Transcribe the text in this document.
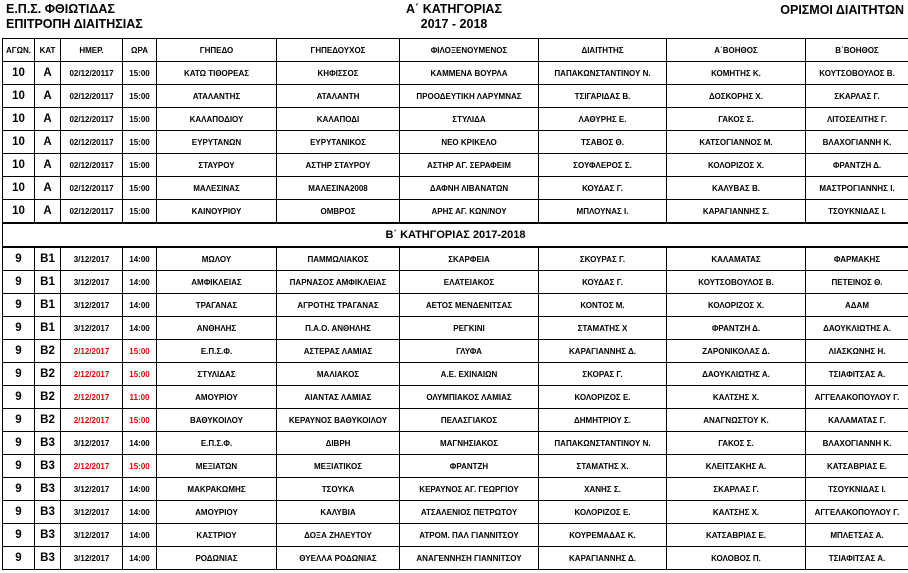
Ε.Π.Σ. ΦΘΙΩΤΙΔΑΣ
ΕΠΙΤΡΟΠΗ ΔΙΑΙΤΗΣΙΑΣ
Α΄ ΚΑΤΗΓΟΡΙΑΣ
2017 - 2018
ΟΡΙΣΜΟΙ ΔΙΑΙΤΗΤΩΝ
ΑΓΩΝ.	ΚΑΤ	ΗΜΕΡ.	ΩΡΑ	ΓΗΠΕΔΟ	ΓΗΠΕΔΟΥΧΟΣ	ΦΙΛΟΞΕΝΟΥΜΕΝΟΣ	ΔΙΑΙΤΗΤΗΣ	Α΄ΒΟΗΘΟΣ	Β΄ΒΟΗΘΟΣ
10	Α	02/12/20117	15:00	ΚΑΤΩ ΤΙΘΟΡΕΑΣ	ΚΗΦΙΣΣΟΣ	ΚΑΜΜΕΝΑ ΒΟΥΡΛΑ	ΠΑΠΑΚΩΝΣΤΑΝΤΙΝΟΥ Ν.	ΚΟΜΗΤΗΣ Κ.	ΚΟΥΤΣΟΒΟΥΛΟΣ Β.
10	Α	02/12/20117	15:00	ΑΤΑΛΑΝΤΗΣ	ΑΤΑΛΑΝΤΗ	ΠΡΟΟΔΕΥΤΙΚΗ ΛΑΡΥΜΝΑΣ	ΤΣΙΓΑΡΙΔΑΣ Β.	ΔΟΣΚΟΡΗΣ Χ.	ΣΚΑΡΛΑΣ Γ.
10	Α	02/12/20117	15:00	ΚΑΛΑΠΟΔΙΟΥ	ΚΑΛΑΠΟΔΙ	ΣΤΥΛΙΔΑ	ΛΑΘΥΡΗΣ Ε.	ΓΑΚΟΣ Σ.	ΛΙΤΟΣΕΛΙΤΗΣ Γ.
10	Α	02/12/20117	15:00	ΕΥΡΥΤΑΝΩΝ	ΕΥΡΥΤΑΝΙΚΟΣ	ΝΕΟ ΚΡΙΚΕΛΟ	ΤΣΑΒΟΣ Θ.	ΚΑΤΣΟΓΙΑΝΝΟΣ Μ.	ΒΛΑΧΟΓΙΑΝΝΗ Κ.
10	Α	02/12/20117	15:00	ΣΤΑΥΡΟΥ	ΑΣΤΗΡ ΣΤΑΥΡΟΥ	ΑΣΤΗΡ ΑΓ. ΣΕΡΑΦΕΙΜ	ΣΟΥΦΛΕΡΟΣ Σ.	ΚΟΛΟΡΙΖΟΣ Χ.	ΦΡΑΝΤΖΗ Δ.
10	Α	02/12/20117	15:00	ΜΑΛΕΣΙΝΑΣ	ΜΑΛΕΣΙΝΑ2008	ΔΑΦΝΗ ΛΙΒΑΝΑΤΩΝ	ΚΟΥΔΑΣ Γ.	ΚΑΛΥΒΑΣ Β.	ΜΑΣΤΡΟΓΙΑΝΝΗΣ Ι.
10	Α	02/12/20117	15:00	ΚΑΙΝΟΥΡΙΟΥ	ΟΜΒΡΟΣ	ΑΡΗΣ ΑΓ. ΚΩΝ/ΝΟΥ	ΜΠΛΟΥΝΑΣ Ι.	ΚΑΡΑΓΙΑΝΝΗΣ Σ.	ΤΣΟΥΚΝΙΔΑΣ Ι.
Β΄ ΚΑΤΗΓΟΡΙΑΣ 2017-2018									
9	Β1	3/12/2017	14:00	ΜΩΛΟΥ	ΠΑΜΜΩΛΙΑΚΟΣ	ΣΚΑΡΦΕΙΑ	ΣΚΟΥΡΑΣ Γ.	ΚΑΛΑΜΑΤΑΣ	ΦΑΡΜΑΚΗΣ
9	Β1	3/12/2017	14:00	ΑΜΦΙΚΛΕΙΑΣ	ΠΑΡΝΑΣΟΣ ΑΜΦΙΚΛΕΙΑΣ	ΕΛΑΤΕΙΑΚΟΣ	ΚΟΥΔΑΣ Γ.	ΚΟΥΤΣΟΒΟΥΛΟΣ Β.	ΠΕΤΕΙΝΟΣ Θ.
9	Β1	3/12/2017	14:00	ΤΡΑΓΑΝΑΣ	ΑΓΡΟΤΗΣ ΤΡΑΓΑΝΑΣ	ΑΕΤΟΣ ΜΕΝΔΕΝΙΤΣΑΣ	ΚΟΝΤΟΣ Μ.	ΚΟΛΟΡΙΖΟΣ Χ.	ΑΔΑΜ
9	Β1	3/12/2017	14:00	ΑΝΘΗΛΗΣ	Π.Α.Ο. ΑΝΘΗΛΗΣ	ΡΕΓΚΙΝΙ	ΣΤΑΜΑΤΗΣ Χ	ΦΡΑΝΤΖΗ Δ.	ΔΑΟΥΚΛΙΩΤΗΣ Α.
9	Β2	2/12/2017	15:00	Ε.Π.Σ.Φ.	ΑΣΤΕΡΑΣ ΛΑΜΙΑΣ	ΓΛΥΦΑ	ΚΑΡΑΓΙΑΝΝΗΣ Δ.	ΖΑΡΟΝΙΚΟΛΑΣ Δ.	ΛΙΑΣΚΩΝΗΣ Η.
9	Β2	2/12/2017	15:00	ΣΤΥΛΙΔΑΣ	ΜΑΛΙΑΚΟΣ	Α.Ε. ΕΧΙΝΑΙΩΝ	ΣΚΟΡΑΣ Γ.	ΔΑΟΥΚΛΙΩΤΗΣ Α.	ΤΣΙΑΦΙΤΣΑΣ Α.
9	Β2	2/12/2017	11:00	ΑΜΟΥΡΙΟΥ	ΑΙΑΝΤΑΣ ΛΑΜΙΑΣ	ΟΛΥΜΠΙΑΚΟΣ ΛΑΜΙΑΣ	ΚΟΛΟΡΙΖΟΣ Ε.	ΚΑΛΤΣΗΣ Χ.	ΑΓΓΕΛΑΚΟΠΟΥΛΟΥ Γ.
9	Β2	2/12/2017	15:00	ΒΑΘΥΚΟΙΛΟΥ	ΚΕΡΑΥΝΟΣ ΒΑΘΥΚΟΙΛΟΥ	ΠΕΛΑΣΓΙΑΚΟΣ	ΔΗΜΗΤΡΙΟΥ Σ.	ΑΝΑΓΝΩΣΤΟΥ Κ.	ΚΑΛΑΜΑΤΑΣ Γ.
9	Β3	3/12/2017	14:00	Ε.Π.Σ.Φ.	ΔΙΒΡΗ	ΜΑΓΝΗΣΙΑΚΟΣ	ΠΑΠΑΚΩΝΣΤΑΝΤΙΝΟΥ Ν.	ΓΑΚΟΣ Σ.	ΒΛΑΧΟΓΙΑΝΝΗ Κ.
9	Β3	2/12/2017	15:00	ΜΕΞΙΑΤΩΝ	ΜΕΞΙΑΤΙΚΟΣ	ΦΡΑΝΤΖΗ	ΣΤΑΜΑΤΗΣ Χ.	ΚΛΕΙΤΣΑΚΗΣ Α.	ΚΑΤΣΑΒΡΙΑΣ Ε.
9	Β3	3/12/2017	14:00	ΜΑΚΡΑΚΩΜΗΣ	ΤΣΟΥΚΑ	ΚΕΡΑΥΝΟΣ ΑΓ. ΓΕΩΡΓΙΟΥ	ΧΑΝΗΣ Σ.	ΣΚΑΡΛΑΣ Γ.	ΤΣΟΥΚΝΙΔΑΣ Ι.
9	Β3	3/12/2017	14:00	ΑΜΟΥΡΙΟΥ	ΚΑΛΥΒΙΑ	ΑΤΣΑΛΕΝΙΟΣ ΠΕΤΡΩΤΟΥ	ΚΟΛΟΡΙΖΟΣ Ε.	ΚΑΛΤΣΗΣ Χ.	ΑΓΓΕΛΑΚΟΠΟΥΛΟΥ Γ.
9	Β3	3/12/2017	14:00	ΚΑΣΤΡΙΟΥ	ΔΟΞΑ ΖΗΛΕΥΤΟΥ	ΑΤΡΟΜ. ΠΑΛ ΓΙΑΝΝΙΤΣΟΥ	ΚΟΥΡΕΜΑΔΑΣ Κ.	ΚΑΤΣΑΒΡΙΑΣ Ε.	ΜΠΛΕΤΣΑΣ Α.
9	Β3	3/12/2017	14:00	ΡΟΔΩΝΙΑΣ	ΘΥΕΛΛΑ ΡΟΔΩΝΙΑΣ	ΑΝΑΓΕΝΝΗΣΗ ΓΙΑΝΝΙΤΣΟΥ	ΚΑΡΑΓΙΑΝΝΗΣ Δ.	ΚΟΛΟΒΟΣ Π.	ΤΣΙΑΦΙΤΣΑΣ Α.
